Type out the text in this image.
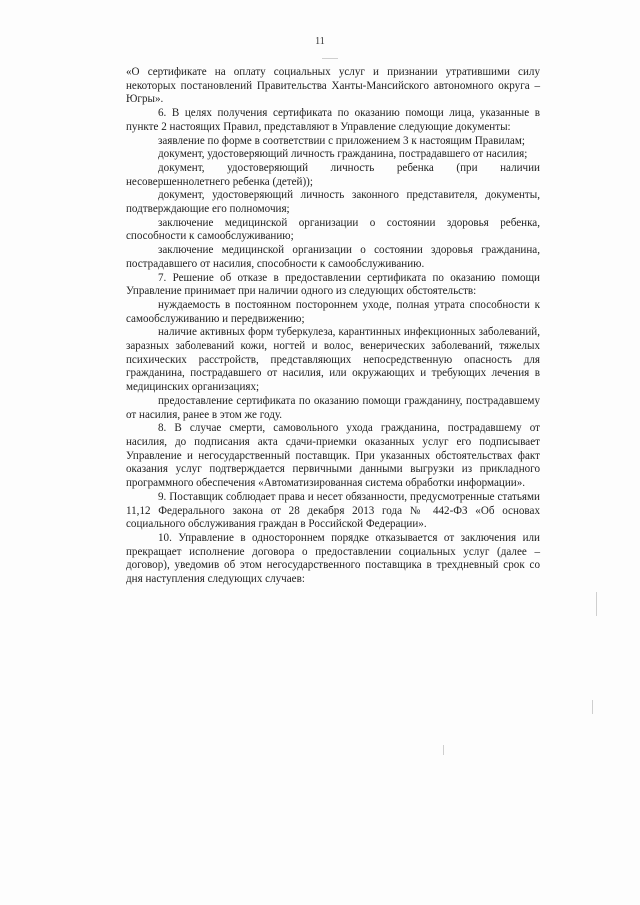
11

«О сертификате на оплату социальных услуг и признании утратившими силу некоторых постановлений Правительства Ханты-Мансийского автономного округа – Югры».

6. В целях получения сертификата по оказанию помощи лица, указанные в пункте 2 настоящих Правил, представляют в Управление следующие документы:

заявление по форме в соответствии с приложением 3 к настоящим Правилам;

документ, удостоверяющий личность гражданина, пострадавшего от насилия;

документ, удостоверяющий личность ребенка (при наличии несовершеннолетнего ребенка (детей));

документ, удостоверяющий личность законного представителя, документы, подтверждающие его полномочия;

заключение медицинской организации о состоянии здоровья ребенка, способности к самообслуживанию;

заключение медицинской организации о состоянии здоровья гражданина, пострадавшего от насилия, способности к самообслуживанию.

7. Решение об отказе в предоставлении сертификата по оказанию помощи Управление принимает при наличии одного из следующих обстоятельств:

нуждаемость в постоянном постороннем уходе, полная утрата способности к самообслуживанию и передвижению;

наличие активных форм туберкулеза, карантинных инфекционных заболеваний, заразных заболеваний кожи, ногтей и волос, венерических заболеваний, тяжелых психических расстройств, представляющих непосредственную опасность для гражданина, пострадавшего от насилия, или окружающих и требующих лечения в медицинских организациях;

предоставление сертификата по оказанию помощи гражданину, пострадавшему от насилия, ранее в этом же году.

8. В случае смерти, самовольного ухода гражданина, пострадавшему от насилия, до подписания акта сдачи-приемки оказанных услуг его подписывает Управление и негосударственный поставщик. При указанных обстоятельствах факт оказания услуг подтверждается первичными данными выгрузки из прикладного программного обеспечения «Автоматизированная система обработки информации».

9. Поставщик соблюдает права и несет обязанности, предусмотренные статьями 11,12 Федерального закона от 28 декабря 2013 года № 442-ФЗ «Об основах социального обслуживания граждан в Российской Федерации».

10. Управление в одностороннем порядке отказывается от заключения или прекращает исполнение договора о предоставлении социальных услуг (далее – договор), уведомив об этом негосударственного поставщика в трехдневный срок со дня наступления следующих случаев:
